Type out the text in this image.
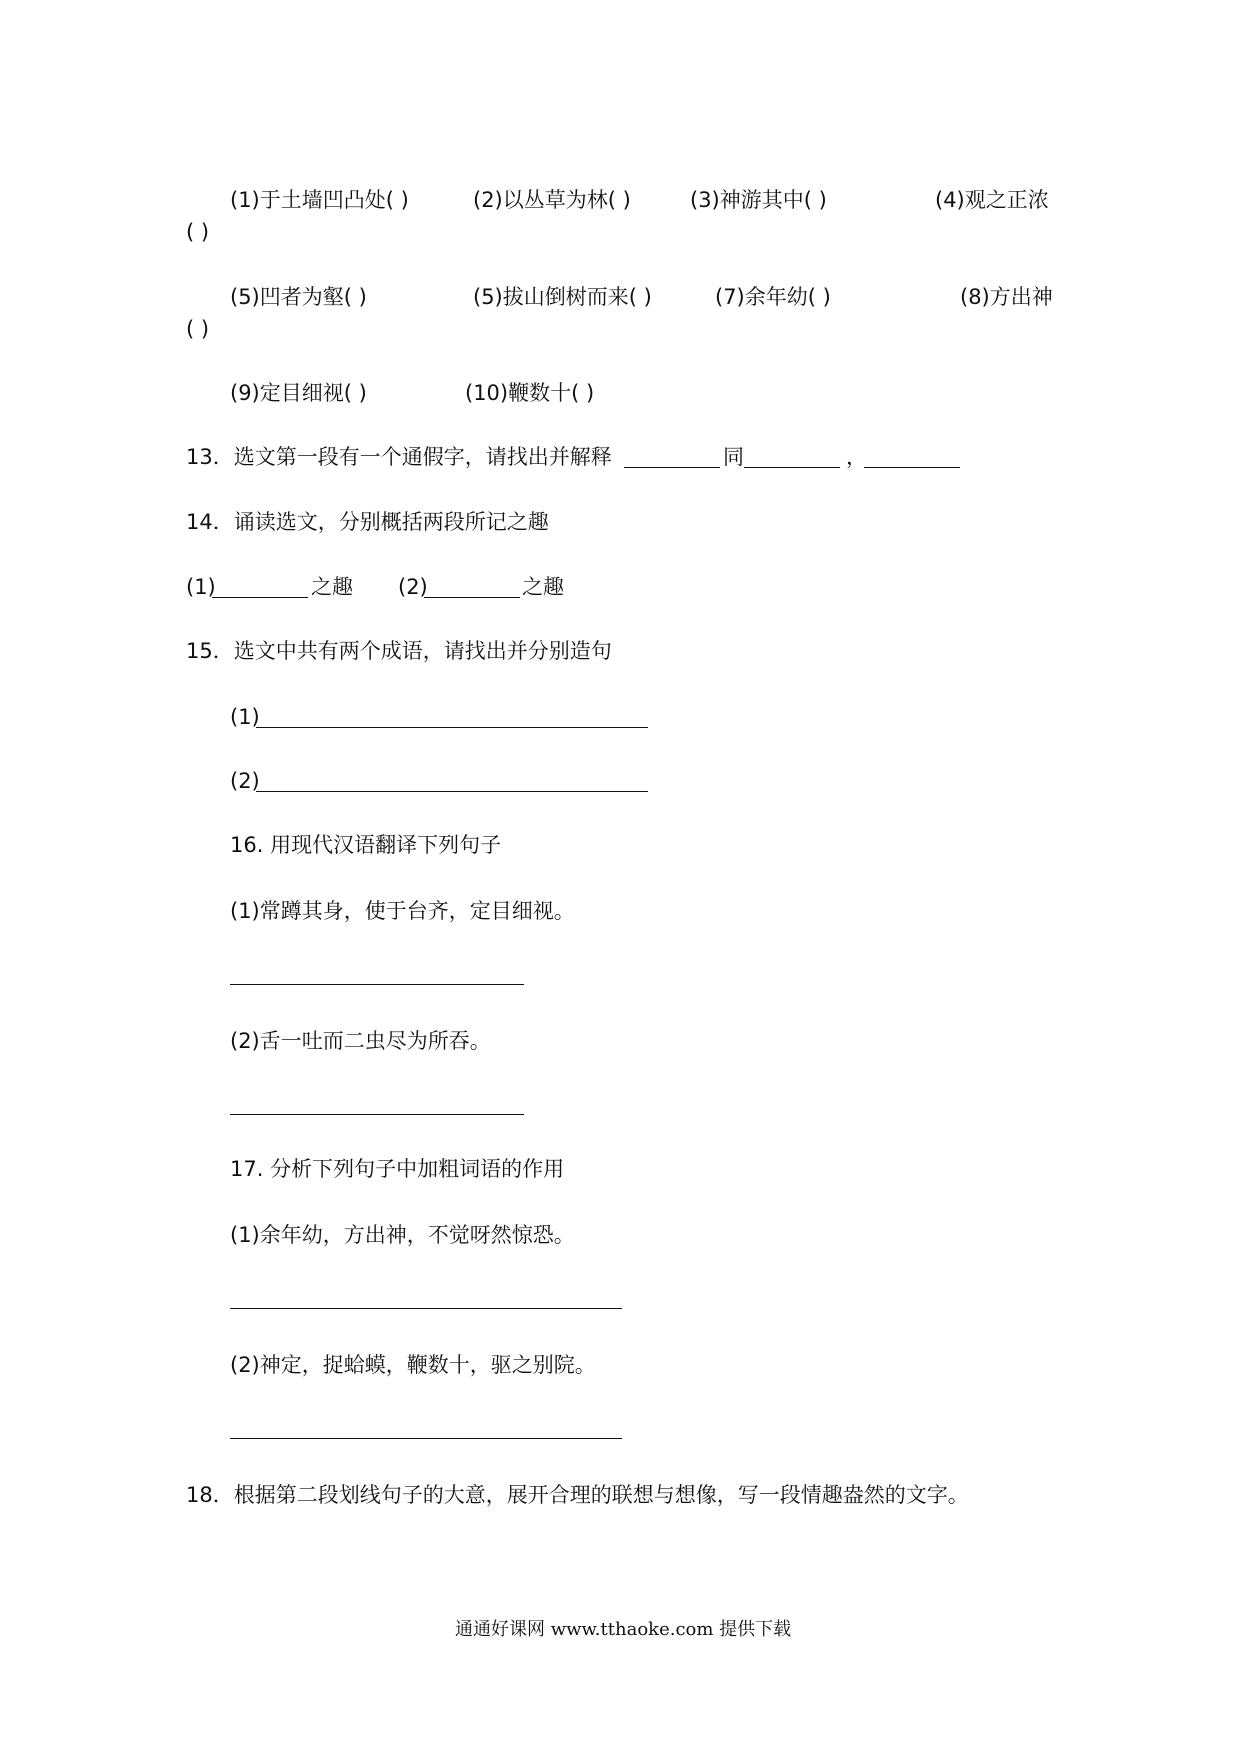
(1)于土墙凹凸处( )	(2)以丛草为林( )	(3)神游其中( )	(4)观之正浓
( )
(5)凹者为壑( )	(5)拔山倒树而来( )	(7)余年幼( )	(8)方出神
( )
(9)定目细视( )	(10)鞭数十( )
13．选文第一段有一个通假字，请找出并解释	同	，
14．诵读选文，分别概括两段所记之趣
(1)	之趣 (2)	之趣
15．选文中共有两个成语，请找出并分别造句
(1)
(2)
16. 用现代汉语翻译下列句子
(1)常蹲其身，使于台齐，定目细视。
(2)舌一吐而二虫尽为所吞。
17. 分析下列句子中加粗词语的作用
(1)余年幼，方出神，不觉呀然惊恐。
(2)神定，捉蛤蟆，鞭数十，驱之别院。
18．根据第二段划线句子的大意，展开合理的联想与想像，写一段情趣盎然的文字。
通通好课网 www.tthaoke.com 提供下载
